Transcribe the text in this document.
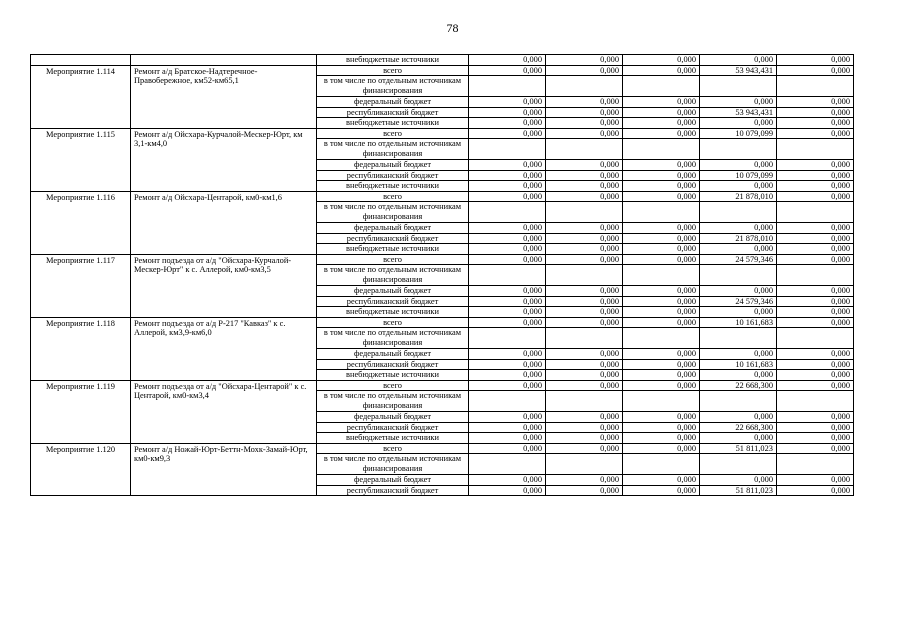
78
		внебюджетные источники	0,000	0,000	0,000	0,000	0,000
Мероприятие 1.114	Ремонт а/д Братское-Надтеречное-Правобережное, км52-км65,1	всего	0,000	0,000	0,000	53 943,431	0,000
		в том числе по отдельным источникам финансирования					
		федеральный бюджет	0,000	0,000	0,000	0,000	0,000
		республиканский бюджет	0,000	0,000	0,000	53 943,431	0,000
		внебюджетные источники	0,000	0,000	0,000	0,000	0,000
Мероприятие 1.115	Ремонт а/д Ойсхара-Курчалой-Мескер-Юрт, км 3,1-км4,0	всего	0,000	0,000	0,000	10 079,099	0,000
		в том числе по отдельным источникам финансирования					
		федеральный бюджет	0,000	0,000	0,000	0,000	0,000
		республиканский бюджет	0,000	0,000	0,000	10 079,099	0,000
		внебюджетные источники	0,000	0,000	0,000	0,000	0,000
Мероприятие 1.116	Ремонт а/д Ойсхара-Центарой, км0-км1,6	всего	0,000	0,000	0,000	21 878,010	0,000
		в том числе по отдельным источникам финансирования					
		федеральный бюджет	0,000	0,000	0,000	0,000	0,000
		республиканский бюджет	0,000	0,000	0,000	21 878,010	0,000
		внебюджетные источники	0,000	0,000	0,000	0,000	0,000
Мероприятие 1.117	Ремонт подъезда от а/д "Ойсхара-Курчалой-Мескер-Юрт" к с. Аллерой, км0-км3,5	всего	0,000	0,000	0,000	24 579,346	0,000
		в том числе по отдельным источникам финансирования					
		федеральный бюджет	0,000	0,000	0,000	0,000	0,000
		республиканский бюджет	0,000	0,000	0,000	24 579,346	0,000
		внебюджетные источники	0,000	0,000	0,000	0,000	0,000
Мероприятие 1.118	Ремонт подъезда от а/д Р-217 "Кавказ" к с. Аллерой, км3,9-км6,0	всего	0,000	0,000	0,000	10 161,683	0,000
		в том числе по отдельным источникам финансирования					
		федеральный бюджет	0,000	0,000	0,000	0,000	0,000
		республиканский бюджет	0,000	0,000	0,000	10 161,683	0,000
		внебюджетные источники	0,000	0,000	0,000	0,000	0,000
Мероприятие 1.119	Ремонт подъезда от а/д "Ойсхара-Центарой" к с. Центарой, км0-км3,4	всего	0,000	0,000	0,000	22 668,300	0,000
		в том числе по отдельным источникам финансирования					
		федеральный бюджет	0,000	0,000	0,000	0,000	0,000
		республиканский бюджет	0,000	0,000	0,000	22 668,300	0,000
		внебюджетные источники	0,000	0,000	0,000	0,000	0,000
Мероприятие 1.120	Ремонт а/д Ножай-Юрт-Беттн-Мохк-Замай-Юрт, км0-км9,3	всего	0,000	0,000	0,000	51 811,023	0,000
		в том числе по отдельным источникам финансирования					
		федеральный бюджет	0,000	0,000	0,000	0,000	0,000
		республиканский бюджет	0,000	0,000	0,000	51 811,023	0,000
